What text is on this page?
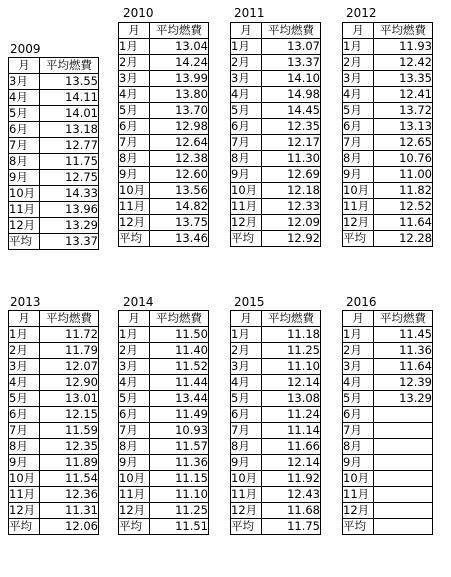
2009
月	平均燃費
3月	13.55
4月	14.11
5月	14.01
6月	13.18
7月	12.77
8月	11.75
9月	12.75
10月	14.33
11月	13.96
12月	13.29
平均	13.37
2010
月	平均燃費
1月	13.04
2月	14.24
3月	13.99
4月	13.80
5月	13.70
6月	12.98
7月	12.64
8月	12.38
9月	12.60
10月	13.56
11月	14.82
12月	13.75
平均	13.46
2011
月	平均燃費
1月	13.07
2月	13.37
3月	14.10
4月	14.98
5月	14.45
6月	12.35
7月	12.17
8月	11.30
9月	12.69
10月	12.18
11月	12.33
12月	12.09
平均	12.92
2012
月	平均燃費
1月	11.93
2月	12.42
3月	13.35
4月	12.41
5月	13.72
6月	13.13
7月	12.65
8月	10.76
9月	11.00
10月	11.82
11月	12.52
12月	11.64
平均	12.28
2013
月	平均燃費
1月	11.72
2月	11.79
3月	12.07
4月	12.90
5月	13.01
6月	12.15
7月	11.59
8月	12.35
9月	11.89
10月	11.54
11月	12.36
12月	11.31
平均	12.06
2014
月	平均燃費
1月	11.50
2月	11.40
3月	11.52
4月	11.44
5月	13.44
6月	11.49
7月	10.93
8月	11.57
9月	11.36
10月	11.15
11月	11.10
12月	11.25
平均	11.51
2015
月	平均燃費
1月	11.18
2月	11.25
3月	11.10
4月	12.14
5月	13.08
6月	11.24
7月	11.14
8月	11.66
9月	12.14
10月	11.92
11月	12.43
12月	11.68
平均	11.75
2016
月	平均燃費
1月	11.45
2月	11.36
3月	11.64
4月	12.39
5月	13.29
6月	
7月	
8月	
9月	
10月	
11月	
12月	
平均	
